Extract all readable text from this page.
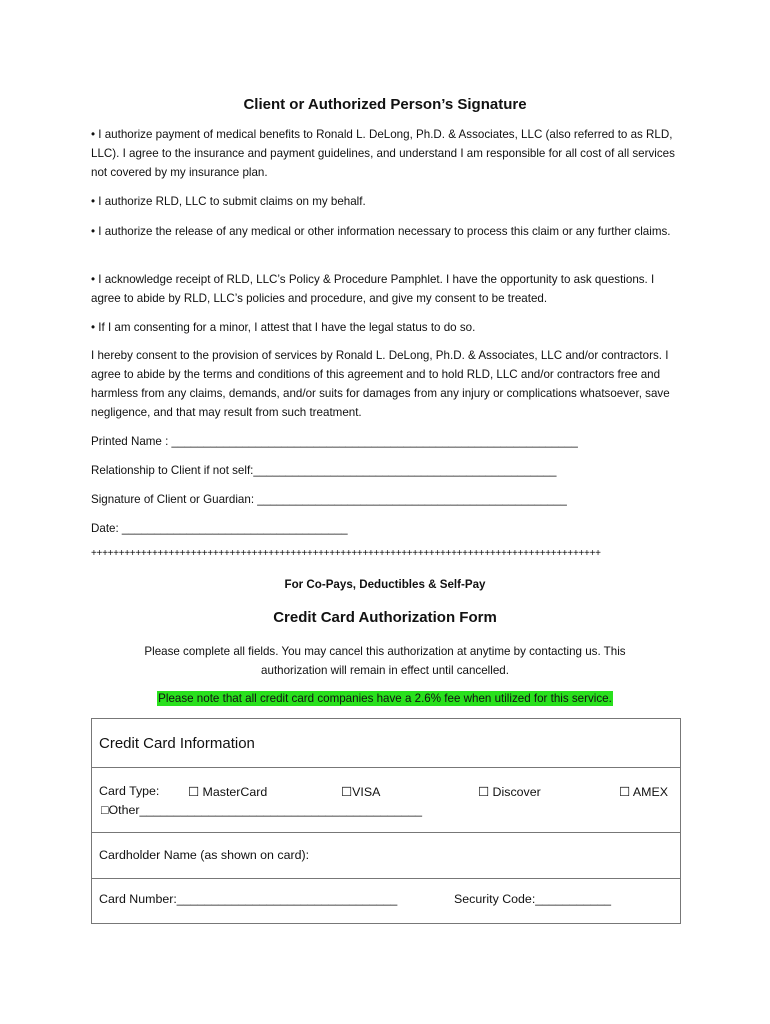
Client or Authorized Person’s Signature
• I authorize payment of medical benefits to Ronald L. DeLong, Ph.D. & Associates, LLC (also referred to as RLD, LLC). I agree to the insurance and payment guidelines, and understand I am responsible for all cost of all services not covered by my insurance plan.
• I authorize RLD, LLC to submit claims on my behalf.
• I authorize the release of any medical or other information necessary to process this claim or any further claims.
• I acknowledge receipt of RLD, LLC’s Policy & Procedure Pamphlet. I have the opportunity to ask questions. I agree to abide by RLD, LLC’s policies and procedure, and give my consent to be treated.
• If I am consenting for a minor, I attest that I have the legal status to do so.
I hereby consent to the provision of services by Ronald L. DeLong, Ph.D. & Associates, LLC and/or contractors. I agree to abide by the terms and conditions of this agreement and to hold RLD, LLC and/or contractors free and harmless from any claims, demands, and/or suits for damages from any injury or complications whatsoever, save negligence, and that may result from such treatment.
Printed Name : _______________________________________________________________
Relationship to Client if not self:_______________________________________________
Signature of Client or Guardian: ________________________________________________
Date: ___________________________________
++++++++++++++++++++++++++++++++++++++++++++++++++++++++++++++++++++++++++++++++++++++++++++
For Co-Pays, Deductibles & Self-Pay
Credit Card Authorization Form
Please complete all fields. You may cancel this authorization at anytime by contacting us. This authorization will remain in effect until cancelled.
Please note that all credit card companies have a 2.6% fee when utilized for this service.
Credit Card Information
Card Type: ☐ MasterCard	☐VISA	☐ Discover	☐ AMEX
□Other_________________________________________
Cardholder Name (as shown on card):
Card Number:________________________________	Security Code:___________
